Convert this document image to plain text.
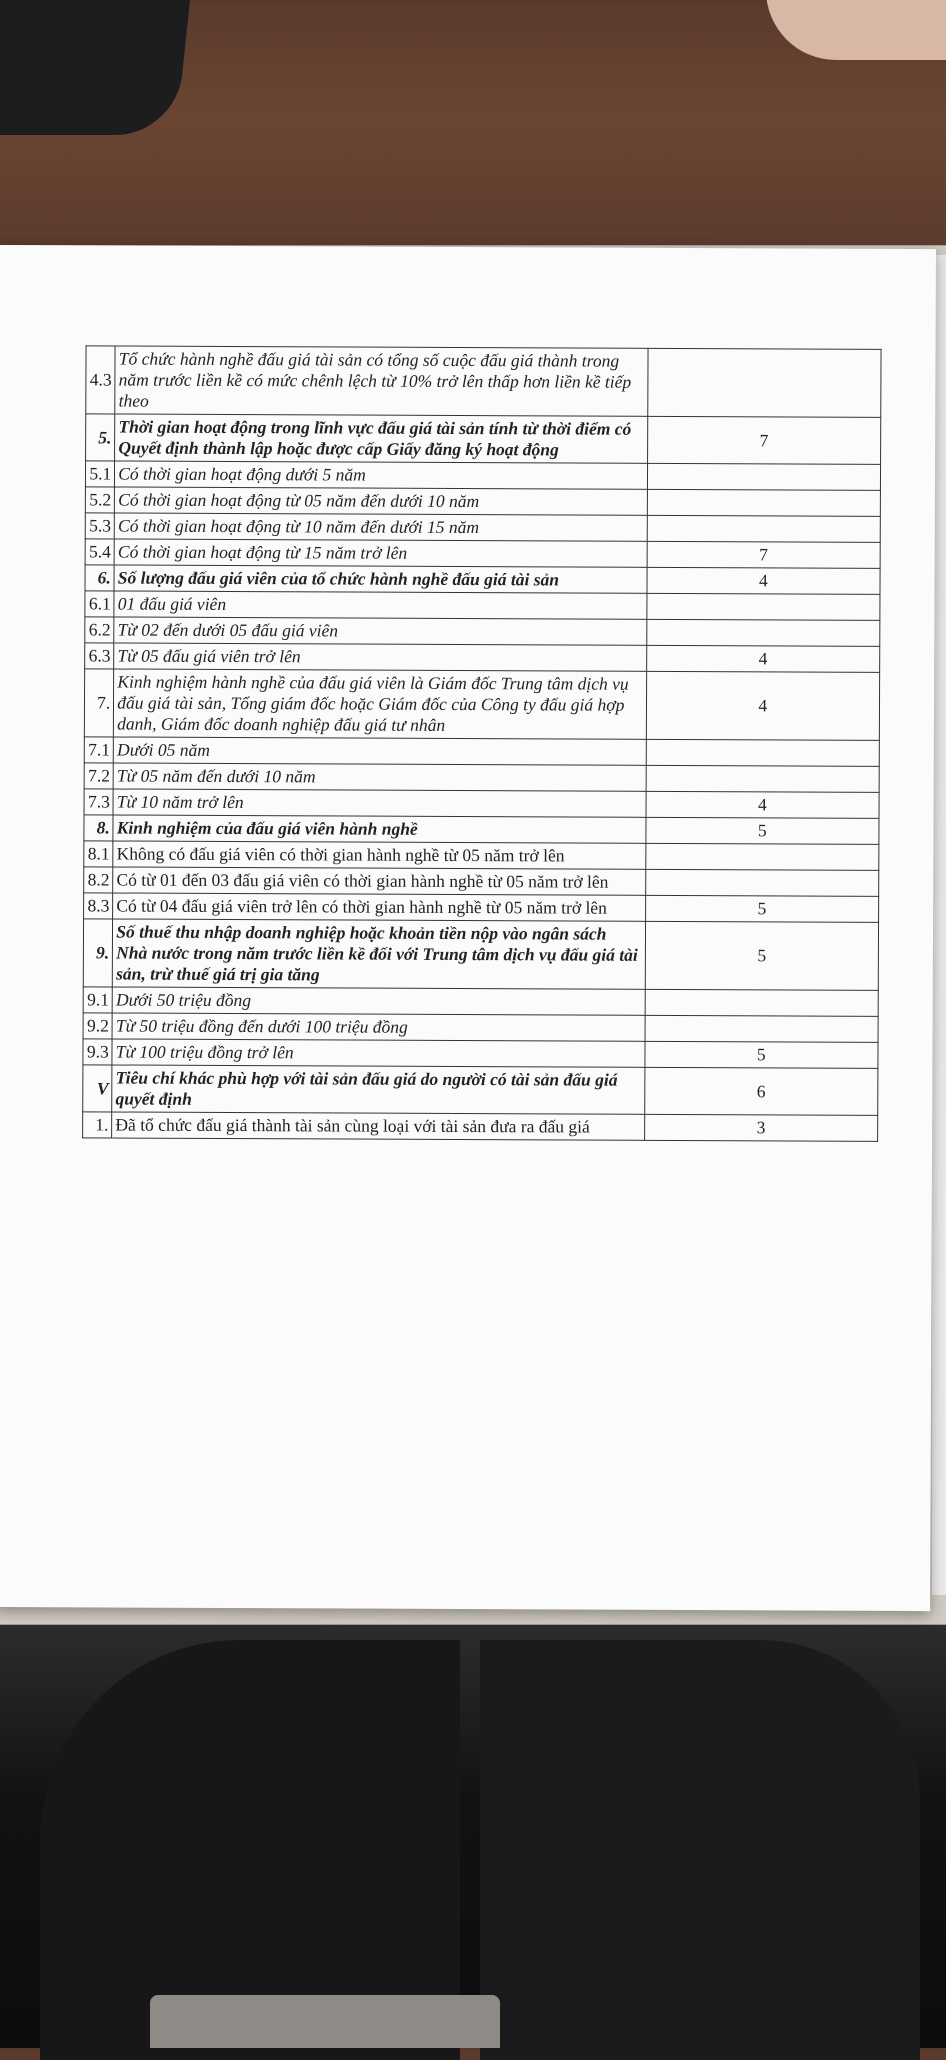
4.3	Tổ chức hành nghề đấu giá tài sản có tổng số cuộc đấu giá thành trong năm trước liền kề có mức chênh lệch từ 10% trở lên thấp hơn liền kề tiếp theo	
5.	Thời gian hoạt động trong lĩnh vực đấu giá tài sản tính từ thời điểm có Quyết định thành lập hoặc được cấp Giấy đăng ký hoạt động	7
5.1	Có thời gian hoạt động dưới 5 năm	
5.2	Có thời gian hoạt động từ 05 năm đến dưới 10 năm	
5.3	Có thời gian hoạt động từ 10 năm đến dưới 15 năm	
5.4	Có thời gian hoạt động từ 15 năm trở lên	7
6.	Số lượng đấu giá viên của tổ chức hành nghề đấu giá tài sản	4
6.1	01 đấu giá viên	
6.2	Từ 02 đến dưới 05 đấu giá viên	
6.3	Từ 05 đấu giá viên trở lên	4
7.	Kinh nghiệm hành nghề của đấu giá viên là Giám đốc Trung tâm dịch vụ đấu giá tài sản, Tổng giám đốc hoặc Giám đốc của Công ty đấu giá hợp danh, Giám đốc doanh nghiệp đấu giá tư nhân	4
7.1	Dưới 05 năm	
7.2	Từ 05 năm đến dưới 10 năm	
7.3	Từ 10 năm trở lên	4
8.	Kinh nghiệm của đấu giá viên hành nghề	5
8.1	Không có đấu giá viên có thời gian hành nghề từ 05 năm trở lên	
8.2	Có từ 01 đến 03 đấu giá viên có thời gian hành nghề từ 05 năm trở lên	
8.3	Có từ 04 đấu giá viên trở lên có thời gian hành nghề từ 05 năm trở lên	5
9.	Số thuế thu nhập doanh nghiệp hoặc khoản tiền nộp vào ngân sách Nhà nước trong năm trước liền kề đối với Trung tâm dịch vụ đấu giá tài sản, trừ thuế giá trị gia tăng	5
9.1	Dưới 50 triệu đồng	
9.2	Từ 50 triệu đồng đến dưới 100 triệu đồng	
9.3	Từ 100 triệu đồng trở lên	5
V	Tiêu chí khác phù hợp với tài sản đấu giá do người có tài sản đấu giá quyết định	6
1.	Đã tổ chức đấu giá thành tài sản cùng loại với tài sản đưa ra đấu giá	3
